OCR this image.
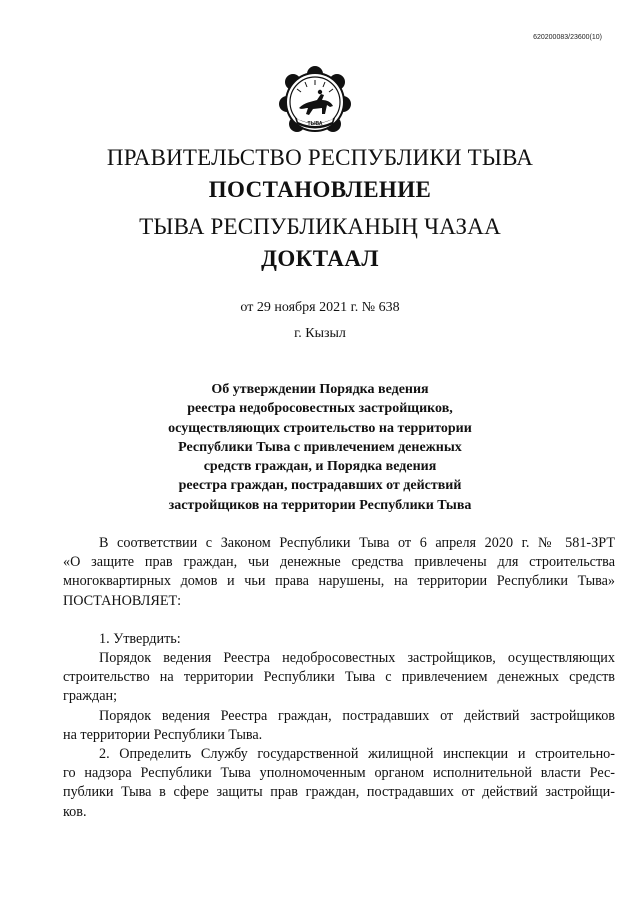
620200083/23600(10)
ТЫВА
ПРАВИТЕЛЬСТВО РЕСПУБЛИКИ ТЫВА
ПОСТАНОВЛЕНИЕ
ТЫВА РЕСПУБЛИКАНЫҢ ЧАЗАА
ДОКТААЛ
от 29 ноября 2021 г. № 638
г. Кызыл
Об утверждении Порядка ведения
реестра недобросовестных застройщиков,
осуществляющих строительство на территории
Республики Тыва с привлечением денежных
средств граждан, и Порядка ведения
реестра граждан, пострадавших от действий
застройщиков на территории Республики Тыва
В соответствии с Законом Республики Тыва от 6 апреля 2020 г. № 581-ЗРТ
«О защите прав граждан, чьи денежные средства привлечены для строительства
многоквартирных домов и чьи права нарушены, на территории Республики Тыва»
ПОСТАНОВЛЯЕТ:
1. Утвердить:
Порядок ведения Реестра недобросовестных застройщиков, осуществляющих
строительство на территории Республики Тыва с привлечением денежных средств
граждан;
Порядок ведения Реестра граждан, пострадавших от действий застройщиков
на территории Республики Тыва.
2. Определить Службу государственной жилищной инспекции и строительно-
го надзора Республики Тыва уполномоченным органом исполнительной власти Рес-
публики Тыва в сфере защиты прав граждан, пострадавших от действий застройщи-
ков.
